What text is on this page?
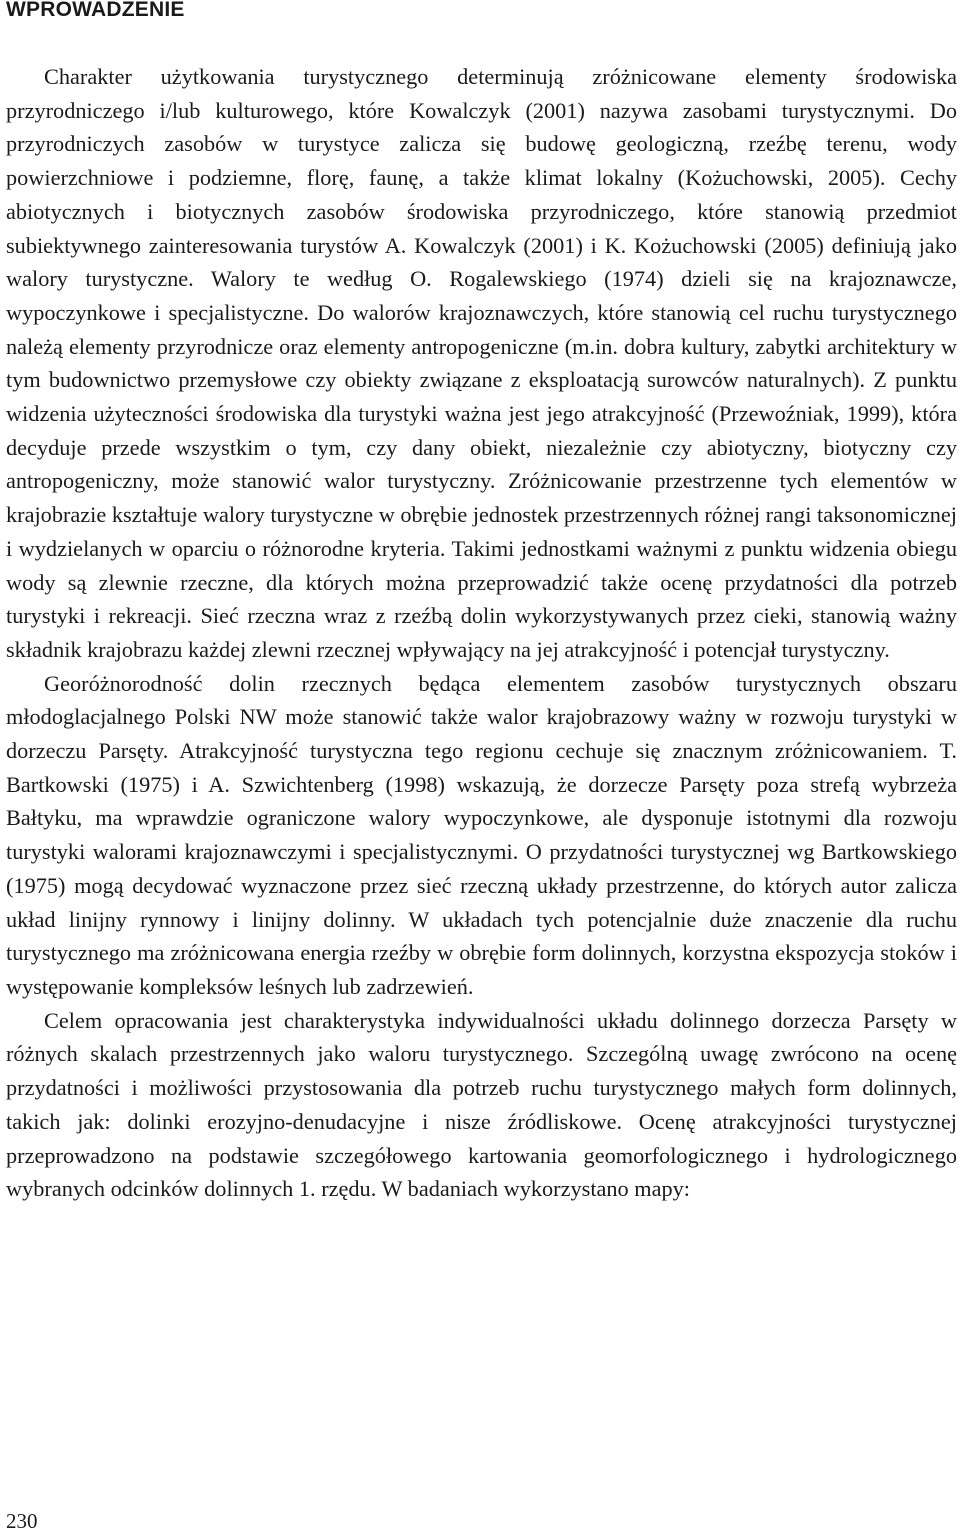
WPROWADZENIE

Charakter użytkowania turystycznego determinują zróżnicowane elementy środowiska przyrodniczego i/lub kulturowego, które Kowalczyk (2001) nazywa zasobami turystycznymi. Do przyrodniczych zasobów w turystyce zalicza się budowę geologiczną, rzeźbę terenu, wody powierzchniowe i podziemne, florę, faunę, a także klimat lokalny (Kożuchowski, 2005). Cechy abiotycznych i biotycznych zasobów środowiska przyrodniczego, które stanowią przedmiot subiektywnego zainteresowania turystów A. Kowalczyk (2001) i K. Kożuchowski (2005) definiują jako walory turystyczne. Walory te według O. Rogalewskiego (1974) dzieli się na krajoznawcze, wypoczynkowe i specjalistyczne. Do walorów krajoznawczych, które stanowią cel ruchu turystycznego należą elementy przyrodnicze oraz elementy antropogeniczne (m.in. dobra kultury, zabytki architektury w tym budownictwo przemysłowe czy obiekty związane z eksploatacją surowców naturalnych). Z punktu widzenia użyteczności środowiska dla turystyki ważna jest jego atrakcyjność (Przewoźniak, 1999), która decyduje przede wszystkim o tym, czy dany obiekt, niezależnie czy abiotyczny, biotyczny czy antropogeniczny, może stanowić walor turystyczny. Zróżnicowanie przestrzenne tych elementów w krajobrazie kształtuje walory turystyczne w obrębie jednostek przestrzennych różnej rangi taksonomicznej i wydzielanych w oparciu o różnorodne kryteria. Takimi jednostkami ważnymi z punktu widzenia obiegu wody są zlewnie rzeczne, dla których można przeprowadzić także ocenę przydatności dla potrzeb turystyki i rekreacji. Sieć rzeczna wraz z rzeźbą dolin wykorzystywanych przez cieki, stanowią ważny składnik krajobrazu każdej zlewni rzecznej wpływający na jej atrakcyjność i potencjał turystyczny.

Georóżnorodność dolin rzecznych będąca elementem zasobów turystycznych obszaru młodoglacjalnego Polski NW może stanowić także walor krajobrazowy ważny w rozwoju turystyki w dorzeczu Parsęty. Atrakcyjność turystyczna tego regionu cechuje się znacznym zróżnicowaniem. T. Bartkowski (1975) i A. Szwichtenberg (1998) wskazują, że dorzecze Parsęty poza strefą wybrzeża Bałtyku, ma wprawdzie ograniczone walory wypoczynkowe, ale dysponuje istotnymi dla rozwoju turystyki walorami krajoznawczymi i specjalistycznymi. O przydatności turystycznej wg Bartkowskiego (1975) mogą decydować wyznaczone przez sieć rzeczną układy przestrzenne, do których autor zalicza układ linijny rynnowy i linijny dolinny. W układach tych potencjalnie duże znaczenie dla ruchu turystycznego ma zróżnicowana energia rzeźby w obrębie form dolinnych, korzystna ekspozycja stoków i występowanie kompleksów leśnych lub zadrzewień.

Celem opracowania jest charakterystyka indywidualności układu dolinnego dorzecza Parsęty w różnych skalach przestrzennych jako waloru turystycznego. Szczególną uwagę zwrócono na ocenę przydatności i możliwości przystosowania dla potrzeb ruchu turystycznego małych form dolinnych, takich jak: dolinki erozyjno-denudacyjne i nisze źródliskowe. Ocenę atrakcyjności turystycznej przeprowadzono na podstawie szczegółowego kartowania geomorfologicznego i hydrologicznego wybranych odcinków dolinnych 1. rzędu. W badaniach wykorzystano mapy:

230
